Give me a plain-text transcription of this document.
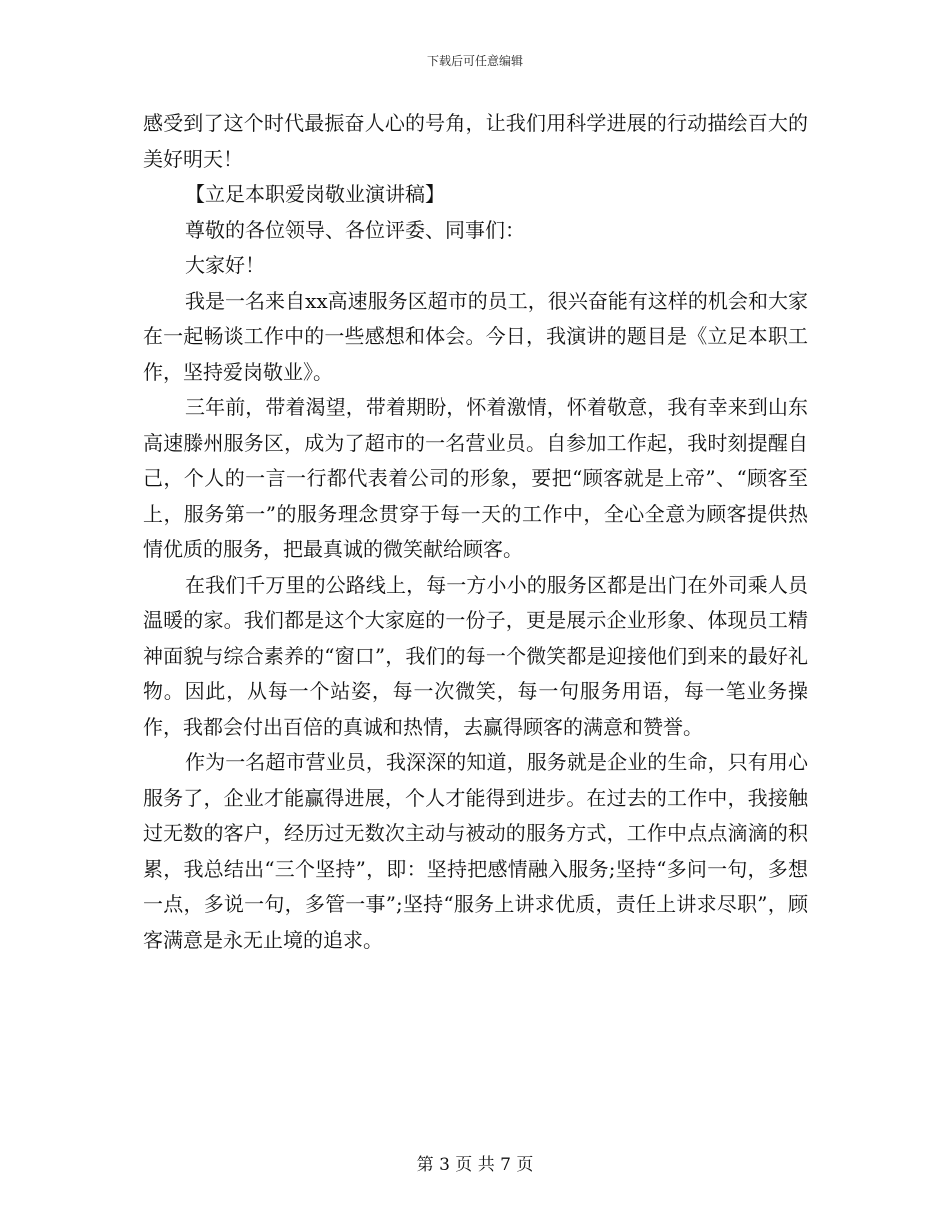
下载后可任意编辑

感受到了这个时代最振奋人心的号角，让我们用科学进展的行动描绘百大的美好明天！

【立足本职爱岗敬业演讲稿】

尊敬的各位领导、各位评委、同事们：

大家好！

我是一名来自xx高速服务区超市的员工，很兴奋能有这样的机会和大家在一起畅谈工作中的一些感想和体会。今日，我演讲的题目是《立足本职工作，坚持爱岗敬业》。

三年前，带着渴望，带着期盼，怀着激情，怀着敬意，我有幸来到山东高速滕州服务区，成为了超市的一名营业员。自参加工作起，我时刻提醒自己，个人的一言一行都代表着公司的形象，要把“顾客就是上帝”、“顾客至上，服务第一”的服务理念贯穿于每一天的工作中，全心全意为顾客提供热情优质的服务，把最真诚的微笑献给顾客。

在我们千万里的公路线上，每一方小小的服务区都是出门在外司乘人员温暖的家。我们都是这个大家庭的一份子，更是展示企业形象、体现员工精神面貌与综合素养的“窗口”，我们的每一个微笑都是迎接他们到来的最好礼物。因此，从每一个站姿，每一次微笑，每一句服务用语，每一笔业务操作，我都会付出百倍的真诚和热情，去赢得顾客的满意和赞誉。

作为一名超市营业员，我深深的知道，服务就是企业的生命，只有用心服务了，企业才能赢得进展，个人才能得到进步。在过去的工作中，我接触过无数的客户，经历过无数次主动与被动的服务方式，工作中点点滴滴的积累，我总结出“三个坚持”，即：坚持把感情融入服务;坚持“多问一句，多想一点，多说一句，多管一事”;坚持“服务上讲求优质，责任上讲求尽职”，顾客满意是永无止境的追求。

第 3 页 共 7 页
